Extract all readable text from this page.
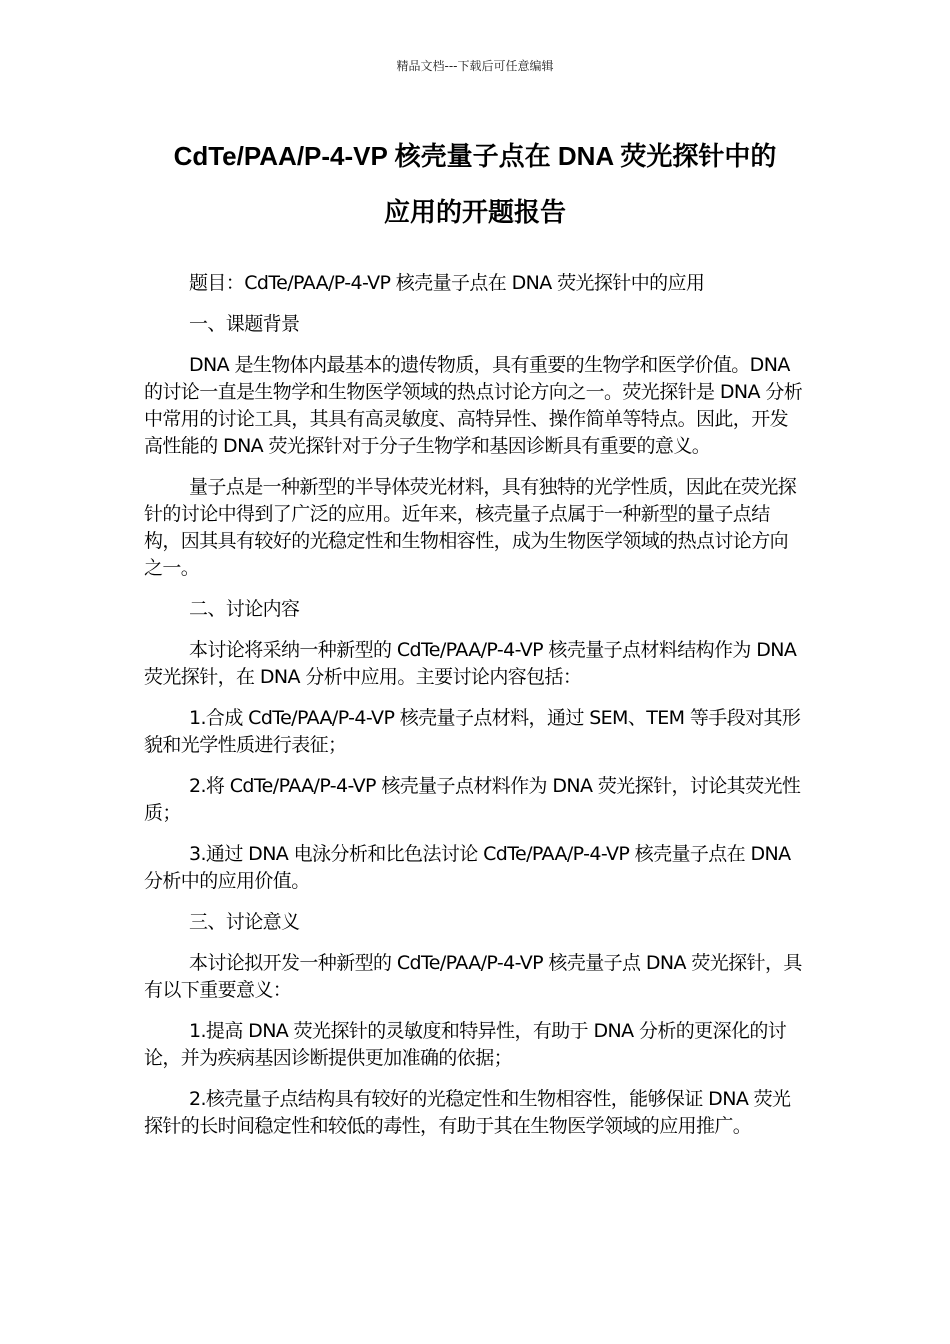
精品文档---下载后可任意编辑
CdTe/PAA/P-4-VP 核壳量子点在 DNA 荧光探针中的
应用的开题报告

题目：CdTe/PAA/P-4-VP 核壳量子点在 DNA 荧光探针中的应用

一、课题背景

DNA 是生物体内最基本的遗传物质，具有重要的生物学和医学价值。DNA 的讨论一直是生物学和生物医学领域的热点讨论方向之一。荧光探针是 DNA 分析中常用的讨论工具，其具有高灵敏度、高特异性、操作简单等特点。因此，开发高性能的 DNA 荧光探针对于分子生物学和基因诊断具有重要的意义。

量子点是一种新型的半导体荧光材料，具有独特的光学性质，因此在荧光探针的讨论中得到了广泛的应用。近年来，核壳量子点属于一种新型的量子点结构，因其具有较好的光稳定性和生物相容性，成为生物医学领域的热点讨论方向之一。

二、讨论内容

本讨论将采纳一种新型的 CdTe/PAA/P-4-VP 核壳量子点材料结构作为 DNA 荧光探针，在 DNA 分析中应用。主要讨论内容包括：

1.合成 CdTe/PAA/P-4-VP 核壳量子点材料，通过 SEM、TEM 等手段对其形貌和光学性质进行表征；

2.将 CdTe/PAA/P-4-VP 核壳量子点材料作为 DNA 荧光探针，讨论其荧光性质；

3.通过 DNA 电泳分析和比色法讨论 CdTe/PAA/P-4-VP 核壳量子点在 DNA 分析中的应用价值。

三、讨论意义

本讨论拟开发一种新型的 CdTe/PAA/P-4-VP 核壳量子点 DNA 荧光探针，具有以下重要意义：

1.提高 DNA 荧光探针的灵敏度和特异性，有助于 DNA 分析的更深化的讨论，并为疾病基因诊断提供更加准确的依据；

2.核壳量子点结构具有较好的光稳定性和生物相容性，能够保证 DNA 荧光探针的长时间稳定性和较低的毒性，有助于其在生物医学领域的应用推广。
